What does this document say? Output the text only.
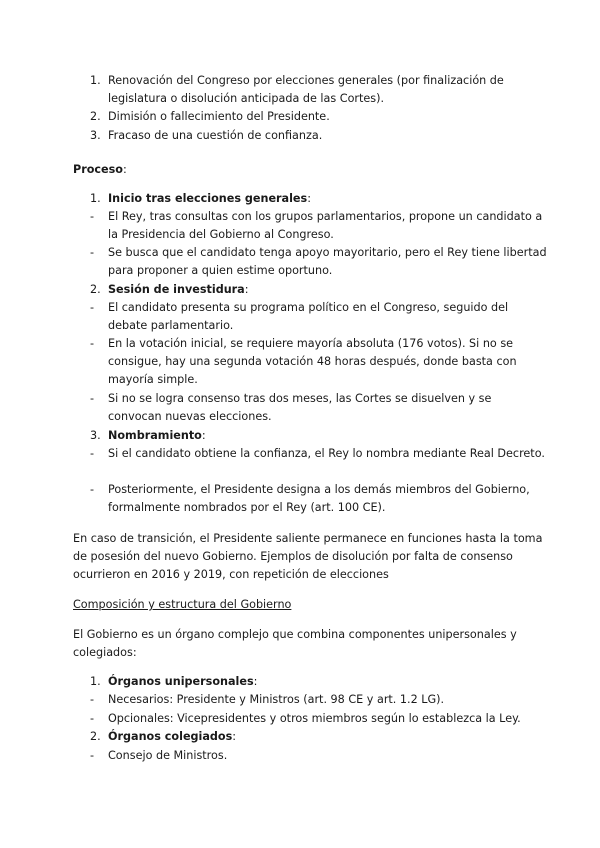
1. Renovación del Congreso por elecciones generales (por finalización de legislatura o disolución anticipada de las Cortes).
2. Dimisión o fallecimiento del Presidente.
3. Fracaso de una cuestión de confianza.
Proceso:
1. Inicio tras elecciones generales:
- El Rey, tras consultas con los grupos parlamentarios, propone un candidato a la Presidencia del Gobierno al Congreso.
- Se busca que el candidato tenga apoyo mayoritario, pero el Rey tiene libertad para proponer a quien estime oportuno.
2. Sesión de investidura:
- El candidato presenta su programa político en el Congreso, seguido del debate parlamentario.
- En la votación inicial, se requiere mayoría absoluta (176 votos). Si no se consigue, hay una segunda votación 48 horas después, donde basta con mayoría simple.
- Si no se logra consenso tras dos meses, las Cortes se disuelven y se convocan nuevas elecciones.
3. Nombramiento:
- Si el candidato obtiene la confianza, el Rey lo nombra mediante Real Decreto.
- Posteriormente, el Presidente designa a los demás miembros del Gobierno, formalmente nombrados por el Rey (art. 100 CE).
En caso de transición, el Presidente saliente permanece en funciones hasta la toma de posesión del nuevo Gobierno. Ejemplos de disolución por falta de consenso ocurrieron en 2016 y 2019, con repetición de elecciones
Composición y estructura del Gobierno
El Gobierno es un órgano complejo que combina componentes unipersonales y colegiados:
1. Órganos unipersonales:
- Necesarios: Presidente y Ministros (art. 98 CE y art. 1.2 LG).
- Opcionales: Vicepresidentes y otros miembros según lo establezca la Ley.
2. Órganos colegiados:
- Consejo de Ministros.
